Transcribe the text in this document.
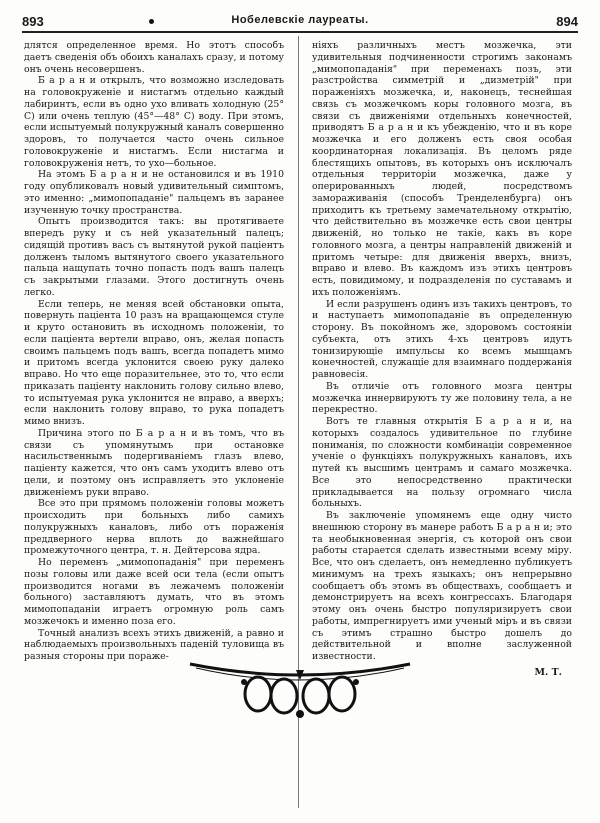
893	Нобелевскiе лауреаты.	894

длятся определенное время. Но этотъ способъ даетъ сведенiя объ обоихъ каналахъ сразу, и потому онъ очень несовершенъ.

Б а р а н и открылъ, что возможно изследовать на головокруженiе и нистагмъ отдельно каждый лабиринтъ, если въ одно ухо вливать холодную (25° С) или очень теплую (45°—48° С) воду. При этомъ, если испытуемый полукружный каналъ совершенно здоровъ, то получается часто очень сильное головокруженiе и нистагмъ. Если нистагма и головокруженiя нетъ, то ухо—больное.

На этомъ Б а р а н и не остановился и въ 1910 году опубликовалъ новый удивительный симптомъ, это именно: „мимопопаданiе" пальцемъ въ заранее изученную точку пространства.

Опытъ производится такъ: вы протягиваете впередъ руку и съ ней указательный палецъ; сидящiй противъ васъ съ вытянутой рукой пацiентъ долженъ тыломъ вытянутого своего указательного пальца нащупать точно попасть подъ вашъ палецъ съ закрытыми глазами. Этого достигнуть очень легко.

Если теперь, не меняя всей обстановки опыта, повернуть пацiента 10 разъ на вращающемся стуле и круто остановить въ исходномъ положенiи, то если пацiента вертели вправо, онъ, желая попасть своимъ пальцемъ подъ вашъ, всегда попадетъ мимо и притомъ всегда уклонится своею руку далеко вправо. Но что еще поразительнее, это то, что если приказать пацiенту наклонить голову сильно влево, то испытуемая рука уклонится не вправо, а вверхъ; если наклонить голову вправо, то рука попадетъ мимо внизъ.

Причина этого по Б а р а н и въ томъ, что въ связи съ упомянутымъ при остановке насильственнымъ подергиванiемъ глазъ влево, пацiенту кажется, что онъ самъ уходитъ влево отъ цели, и поэтому онъ исправляетъ это уклоненiе движенiемъ руки вправо.

Все это при прямомъ положенiи головы можетъ происходить при больныхъ либо самихъ полукружныхъ каналовъ, либо отъ пораженiя преддверного нерва вплоть до важнейшаго промежуточного центра, т. н. Дейтерсова ядра.

Но переменъ „мимопопаданiя" при переменъ позы головы или даже всей оси тела (если опытъ производится ногами въ лежачемъ положенiи больного) заставляютъ думать, что въ этомъ мимопопаданiи играетъ огромную роль самъ мозжечокъ и именно поза его.

Точный анализъ всехъ этихъ движенiй, а равно и наблюдаемыхъ произвольныхъ паденiй туловища въ разныя стороны при пораже-

нiяхъ различныхъ местъ мозжечка, эти удивительныя подчиненности строгимъ законамъ „мимопопаданiя" при переменахъ позъ, эти разстройства симметрiй и „дизметрiй" при пораженiяхъ мозжечка, и, наконецъ, тeснейшая связь съ мозжечкомъ коры головного мозга, въ связи съ движенiями отдельныхъ конечностей, приводятъ Б а р а н и къ убежденiю, что и въ коре мозжечка и его долженъ есть своя особая координаторная локализацiя. Въ целомъ ряде блестящихъ опытовъ, въ которыхъ онъ исключалъ отдельныя территорiи мозжечка, даже у оперированныхъ людей, посредствомъ замораживанiя (способъ Тренделенбурга) онъ приходитъ къ третьему замечательному открытiю, что действительно въ мозжечке есть свои центры движенiй, но только не такiе, какъ въ коре головного мозга, а центры направленiй движенiй и притомъ четыре: для движенiя вверхъ, внизъ, вправо и влево. Въ каждомъ изъ этихъ центровъ есть, повидимому, и подразделенiя по суставамъ и ихъ положенiямъ.

И если разрушенъ одинъ изъ такихъ центровъ, то и наступаетъ мимопопаданiе въ определенную сторону. Въ покойномъ же, здоровомъ состоянiи субъекта, отъ этихъ 4-хъ центровъ идутъ тонизирующiе импульсы ко всемъ мышцамъ конечностей, служащiе для взаимнаго поддержанiя равновесiя.

Въ отличiе отъ головного мозга центры мозжечка иннервируютъ ту же половину тела, а не перекрестно.

Вотъ те главныя открытiя Б а р а н и, на которыхъ создалось удивительное по глубине пониманiя, по сложности комбинацiи современное ученiе о функцiяхъ полукружныхъ каналовъ, ихъ путей къ высшимъ центрамъ и самаго мозжечка. Все это непосредственно практически прикладывается на пользу огромнаго числа больныхъ.

Въ заключенiе упомянемъ еще одну чисто внешнюю сторону въ манере работъ Б а р а н и; это та необыкновенная энергiя, съ которой онъ свои работы старается сделать известными всему мiру. Все, что онъ сделаетъ, онъ немедленно публикуетъ минимумъ на трехъ языкахъ; онъ непрерывно сообщаетъ объ этомъ въ обществахъ, сообщаетъ и демонстрируетъ на всехъ конгрессахъ. Благодаря этому онъ очень быстро популяризируетъ свои работы, импрегнируетъ ими ученый мiръ и въ связи съ этимъ страшно быстро дошелъ до действительной и вполне заслуженной известности.

М. Т.
